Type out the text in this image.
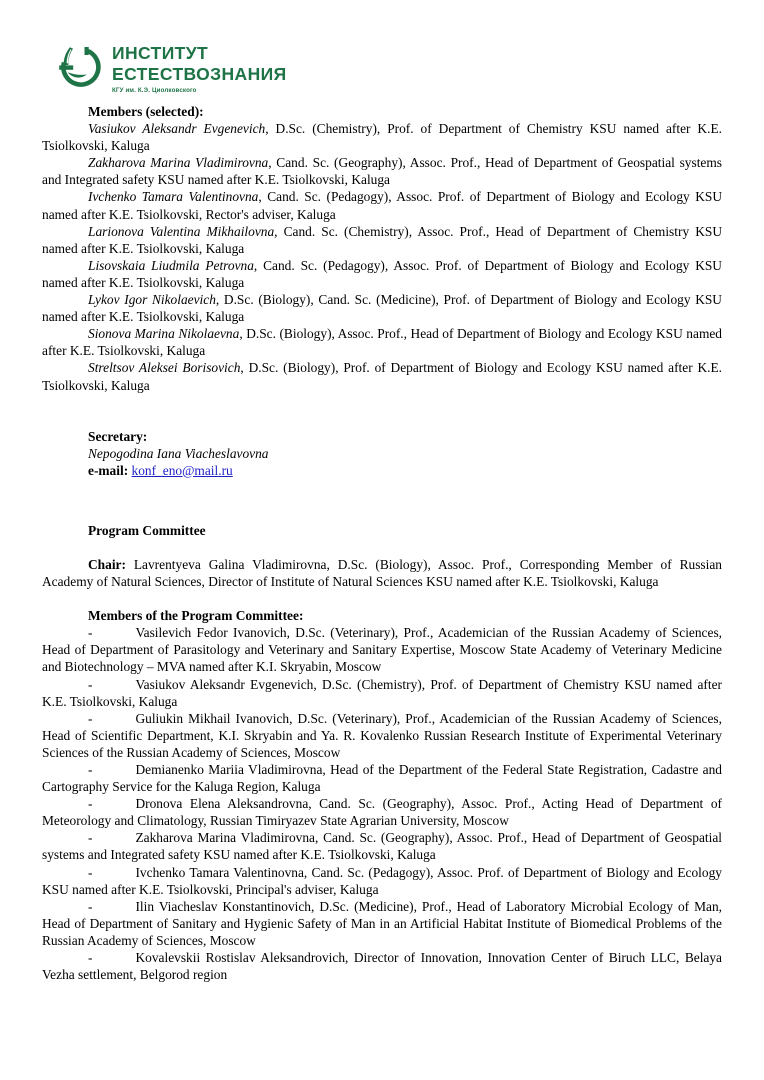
ИНСТИТУТ
ЕСТЕСТВОЗНАНИЯ
КГУ им. К.Э. Циолковского

Members (selected):

Vasiukov Aleksandr Evgenevich, D.Sc. (Chemistry), Prof. of Department of Chemistry KSU named after K.E. Tsiolkovski, Kaluga

Zakharova Marina Vladimirovna, Cand. Sc. (Geography), Assoc. Prof., Head of Department of Geospatial systems and Integrated safety KSU named after K.E. Tsiolkovski, Kaluga

Ivchenko Tamara Valentinovna, Cand. Sc. (Pedagogy), Assoc. Prof. of Department of Biology and Ecology KSU named after K.E. Tsiolkovski, Rector's adviser, Kaluga

Larionova Valentina Mikhailovna, Cand. Sc. (Chemistry), Assoc. Prof., Head of Department of Chemistry KSU named after K.E. Tsiolkovski, Kaluga

Lisovskaia Liudmila Petrovna, Cand. Sc. (Pedagogy), Assoc. Prof. of Department of Biology and Ecology KSU named after K.E. Tsiolkovski, Kaluga

Lykov Igor Nikolaevich, D.Sc. (Biology), Cand. Sc. (Medicine), Prof. of Department of Biology and Ecology KSU named after K.E. Tsiolkovski, Kaluga

Sionova Marina Nikolaevna, D.Sc. (Biology), Assoc. Prof., Head of Department of Biology and Ecology KSU named after K.E. Tsiolkovski, Kaluga

Streltsov Aleksei Borisovich, D.Sc. (Biology), Prof. of Department of Biology and Ecology KSU named after K.E. Tsiolkovski, Kaluga

Secretary:

Nepogodina Iana Viacheslavovna

e-mail: konf_eno@mail.ru

Program Committee

Chair: Lavrentyeva Galina Vladimirovna, D.Sc. (Biology), Assoc. Prof., Corresponding Member of Russian Academy of Natural Sciences, Director of Institute of Natural Sciences KSU named after K.E. Tsiolkovski, Kaluga

Members of the Program Committee:

-	Vasilevich Fedor Ivanovich, D.Sc. (Veterinary), Prof., Academician of the Russian Academy of Sciences, Head of Department of Parasitology and Veterinary and Sanitary Expertise, Moscow State Academy of Veterinary Medicine and Biotechnology – MVA named after K.I. Skryabin, Moscow

-	Vasiukov Aleksandr Evgenevich, D.Sc. (Chemistry), Prof. of Department of Chemistry KSU named after K.E. Tsiolkovski, Kaluga

-	Guliukin Mikhail Ivanovich, D.Sc. (Veterinary), Prof., Academician of the Russian Academy of Sciences, Head of Scientific Department, K.I. Skryabin and Ya. R. Kovalenko Russian Research Institute of Experimental Veterinary Sciences of the Russian Academy of Sciences, Moscow

-	Demianenko Mariia Vladimirovna, Head of the Department of the Federal State Registration, Cadastre and Cartography Service for the Kaluga Region, Kaluga

-	Dronova Elena Aleksandrovna, Cand. Sc. (Geography), Assoc. Prof., Acting Head of Department of Meteorology and Climatology, Russian Timiryazev State Agrarian University, Moscow

-	Zakharova Marina Vladimirovna, Cand. Sc. (Geography), Assoc. Prof., Head of Department of Geospatial systems and Integrated safety KSU named after K.E. Tsiolkovski, Kaluga

-	Ivchenko Tamara Valentinovna, Cand. Sc. (Pedagogy), Assoc. Prof. of Department of Biology and Ecology KSU named after K.E. Tsiolkovski, Principal's adviser, Kaluga

-	Ilin Viacheslav Konstantinovich, D.Sc. (Medicine), Prof., Head of Laboratory Microbial Ecology of Man, Head of Department of Sanitary and Hygienic Safety of Man in an Artificial Habitat Institute of Biomedical Problems of the Russian Academy of Sciences, Moscow

-	Kovalevskii Rostislav Aleksandrovich, Director of Innovation, Innovation Center of Biruch LLC, Belaya Vezha settlement, Belgorod region
